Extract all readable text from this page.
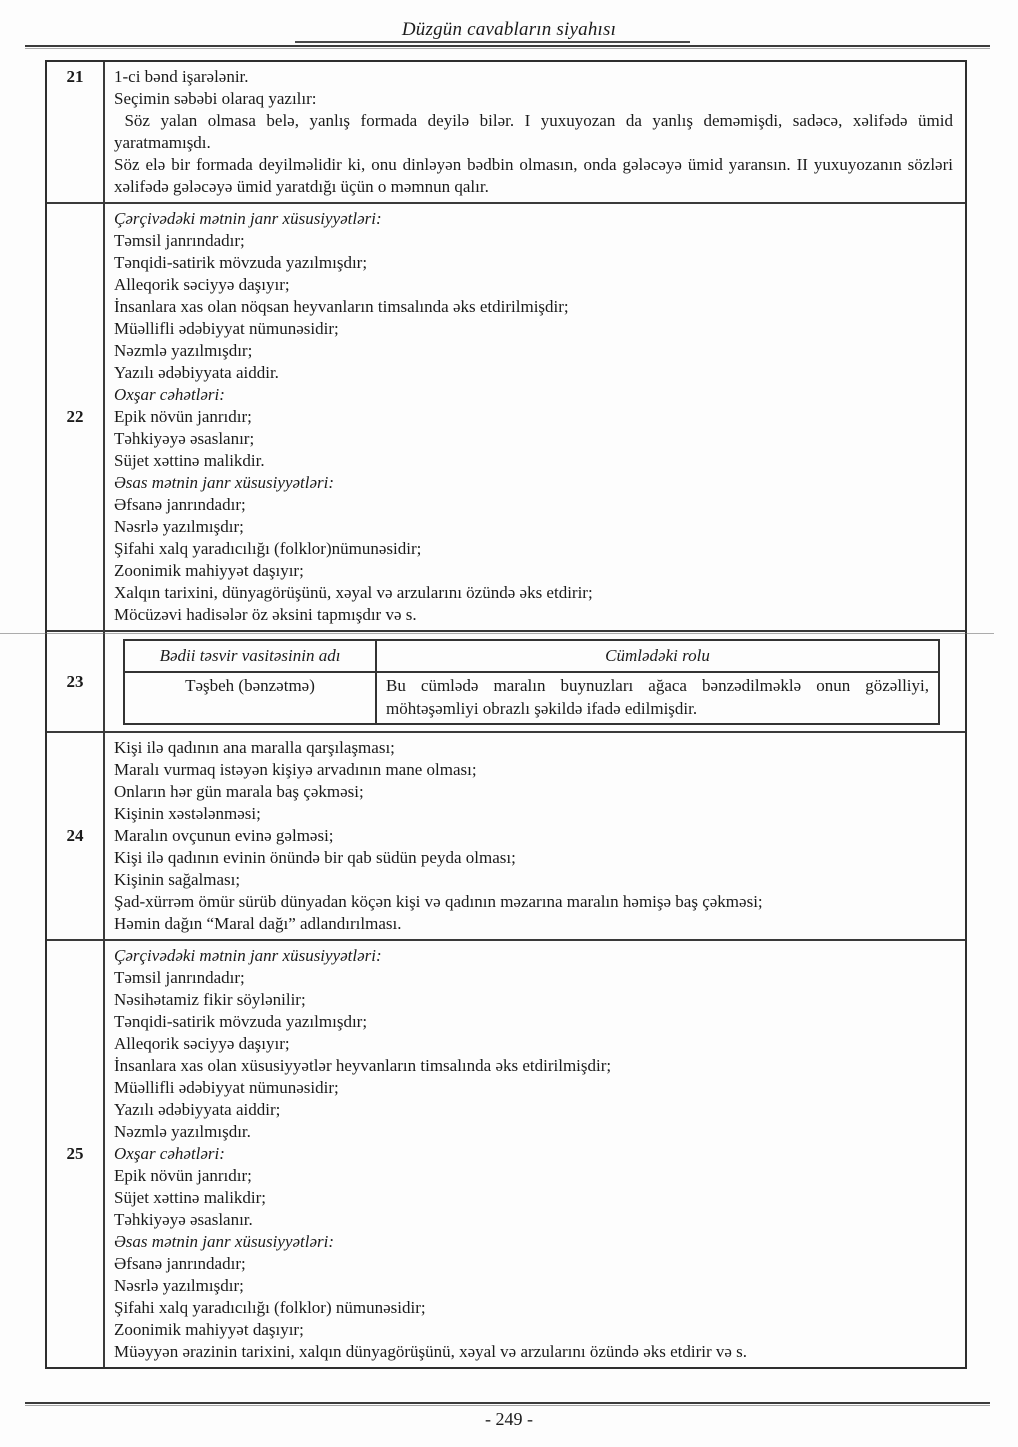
Düzgün cavabların siyahısı
21	1-ci bənd işarələnir.

Seçimin səbəbi olaraq yazılır:

Söz yalan olmasa belə, yanlış formada deyilə bilər. I yuxuyozan da yanlış deməmişdi, sadəcə, xəlifədə ümid yaratmamışdı.

Söz elə bir formada deyilməlidir ki, onu dinləyən bədbin olmasın, onda gələcəyə ümid yaransın. II yuxuyozanın sözləri xəlifədə gələcəyə ümid yaratdığı üçün o məmnun qalır.

22
Çərçivədəki mətnin janr xüsusiyyətləri:
Təmsil janrındadır;
Tənqidi-satirik mövzuda yazılmışdır;
Alleqorik səciyyə daşıyır;
İnsanlara xas olan nöqsan heyvanların timsalında əks etdirilmişdir;
Müəllifli ədəbiyyat nümunəsidir;
Nəzmlə yazılmışdır;
Yazılı ədəbiyyata aiddir.
Oxşar cəhətləri:
Epik növün janrıdır;
Təhkiyəyə əsaslanır;
Süjet xəttinə malikdir.
Əsas mətnin janr xüsusiyyətləri:
Əfsanə janrındadır;
Nəsrlə yazılmışdır;
Şifahi xalq yaradıcılığı (folklor)nümunəsidir;
Zoonimik mahiyyət daşıyır;
Xalqın tarixini, dünyagörüşünü, xəyal və arzularını özündə əks etdirir;
Möcüzəvi hadisələr öz əksini tapmışdır və s.
23
Bədii təsvir vasitəsinin adı	Cümlədəki rolu
Təşbeh (bənzətmə)	Bu cümlədə maralın buynuzları ağaca bənzədilməklə onun gözəlliyi, möhtəşəmliyi obrazlı şəkildə ifadə edilmişdir.
24
Kişi ilə qadının ana maralla qarşılaşması;
Maralı vurmaq istəyən kişiyə arvadının mane olması;
Onların hər gün marala baş çəkməsi;
Kişinin xəstələnməsi;
Maralın ovçunun evinə gəlməsi;
Kişi ilə qadının evinin önündə bir qab südün peyda olması;
Kişinin sağalması;
Şad-xürrəm ömür sürüb dünyadan köçən kişi və qadının məzarına maralın həmişə baş çəkməsi;
Həmin dağın “Maral dağı” adlandırılması.
25
Çərçivədəki mətnin janr xüsusiyyətləri:
Təmsil janrındadır;
Nəsihətamiz fikir söylənilir;
Tənqidi-satirik mövzuda yazılmışdır;
Alleqorik səciyyə daşıyır;
İnsanlara xas olan xüsusiyyətlər heyvanların timsalında əks etdirilmişdir;
Müəllifli ədəbiyyat nümunəsidir;
Yazılı ədəbiyyata aiddir;
Nəzmlə yazılmışdır.
Oxşar cəhətləri:
Epik növün janrıdır;
Süjet xəttinə malikdir;
Təhkiyəyə əsaslanır.
Əsas mətnin janr xüsusiyyətləri:
Əfsanə janrındadır;
Nəsrlə yazılmışdır;
Şifahi xalq yaradıcılığı (folklor) nümunəsidir;
Zoonimik mahiyyət daşıyır;
Müəyyən ərazinin tarixini, xalqın dünyagörüşünü, xəyal və arzularını özündə əks etdirir və s.
- 249 -
